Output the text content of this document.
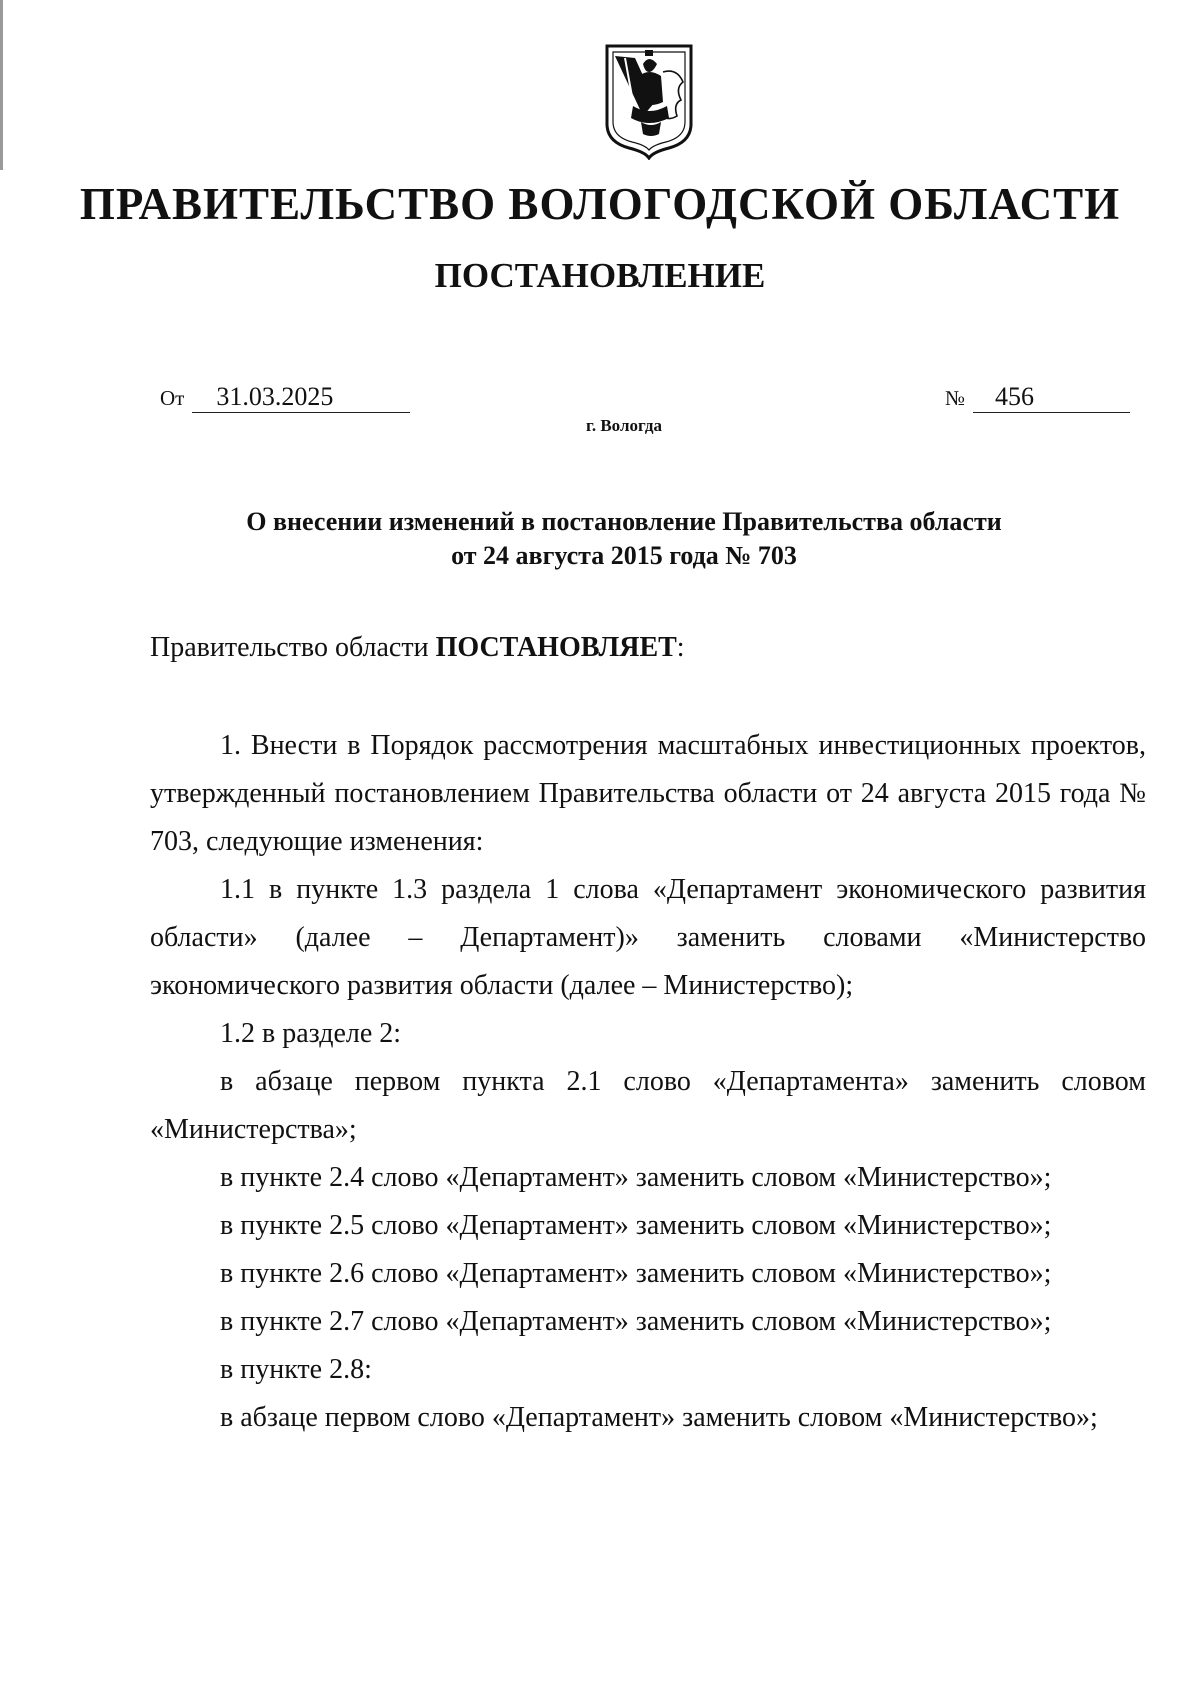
ПРАВИТЕЛЬСТВО ВОЛОГОДСКОЙ ОБЛАСТИ
ПОСТАНОВЛЕНИЕ
От 31.03.2025	№ 456
г. Вологда
О внесении изменений в постановление Правительства области
от 24 августа 2015 года № 703
Правительство области ПОСТАНОВЛЯЕТ:

1. Внести в Порядок рассмотрения масштабных инвестиционных проектов, утвержденный постановлением Правительства области от 24 августа 2015 года № 703, следующие изменения:

1.1 в пункте 1.3 раздела 1 слова «Департамент экономического развития области» (далее – Департамент)» заменить словами «Министерство экономического развития области (далее – Министерство);

1.2 в разделе 2:

в абзаце первом пункта 2.1 слово «Департамента» заменить словом «Министерства»;

в пункте 2.4 слово «Департамент» заменить словом «Министерство»;

в пункте 2.5 слово «Департамент» заменить словом «Министерство»;

в пункте 2.6 слово «Департамент» заменить словом «Министерство»;

в пункте 2.7 слово «Департамент» заменить словом «Министерство»;

в пункте 2.8:

в абзаце первом слово «Департамент» заменить словом «Министерство»;
